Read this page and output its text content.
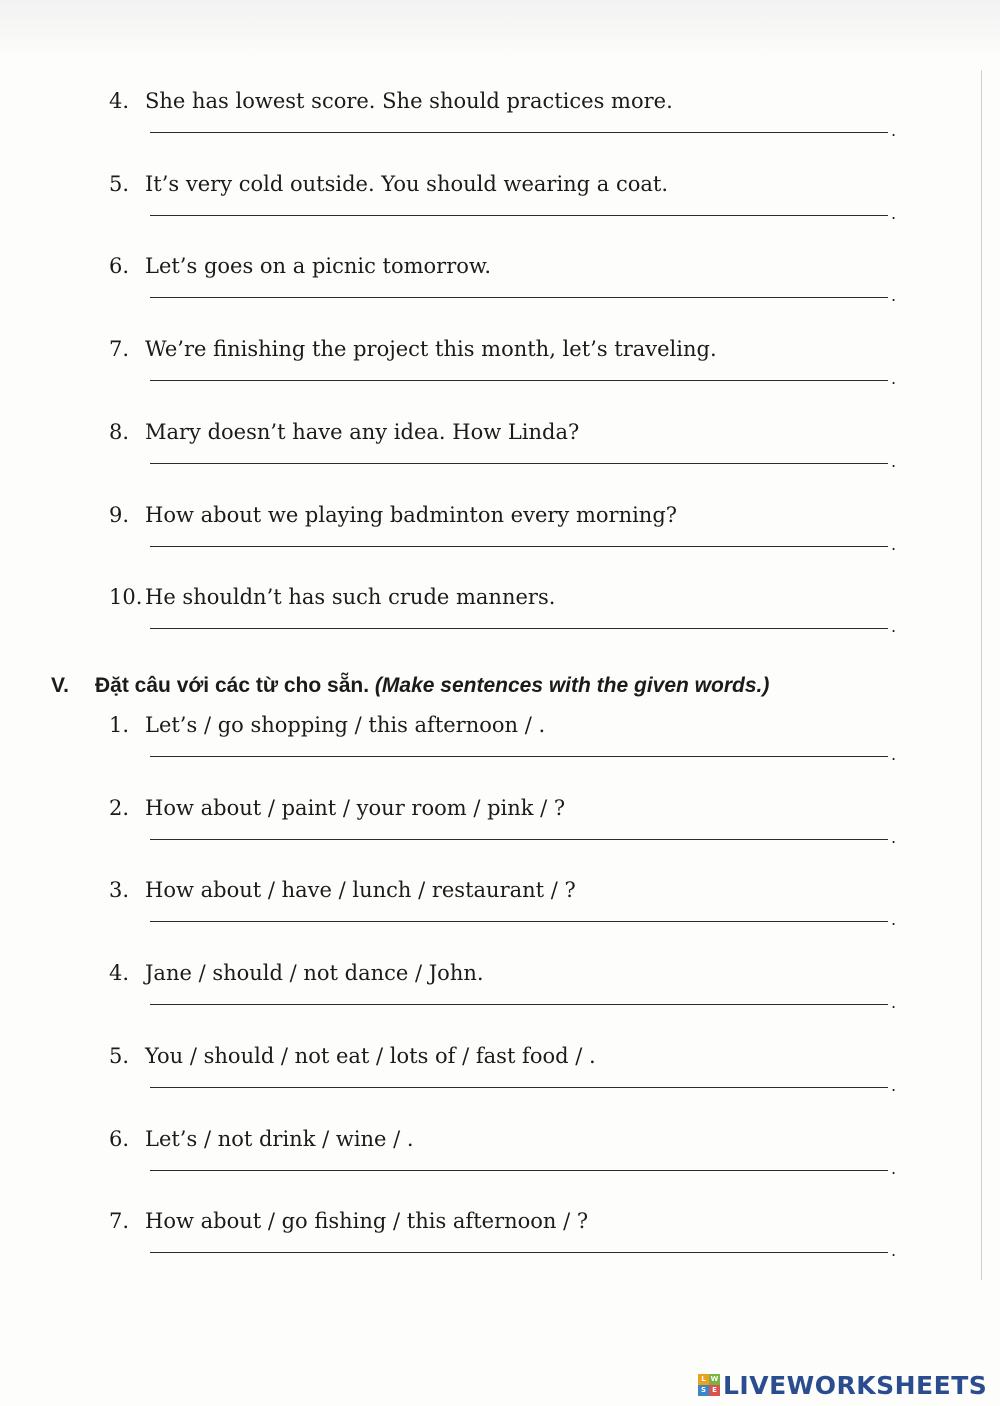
4. She has lowest score. She should practices more.
.
5. It’s very cold outside. You should wearing a coat.
.
6. Let’s goes on a picnic tomorrow.
.
7. We’re finishing the project this month, let’s traveling.
.
8. Mary doesn’t have any idea. How Linda?
.
9. How about we playing badminton every morning?
.
10. He shouldn’t has such crude manners.
.
V. Đặt câu với các từ cho sẵn. (Make sentences with the given words.)
1. Let’s / go shopping / this afternoon / .
.
2. How about / paint / your room / pink / ?
.
3. How about / have / lunch / restaurant / ?
.
4. Jane / should / not dance / John.
.
5. You / should / not eat / lots of / fast food / .
.
6. Let’s / not drink / wine / .
.
7. How about / go fishing / this afternoon / ?
.
L W
S E LIVEWORKSHEETS
